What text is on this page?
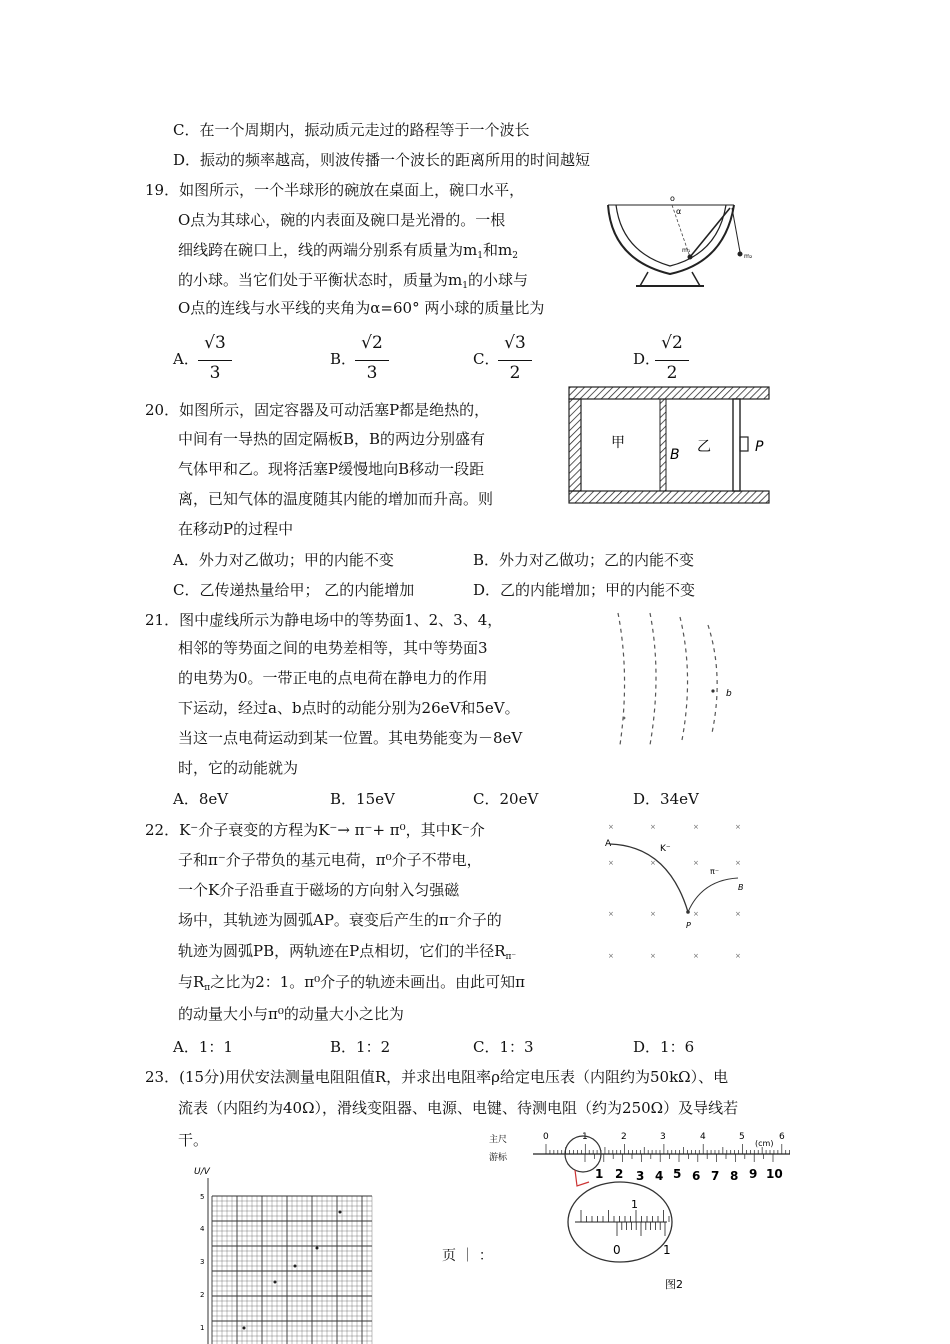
C．在一个周期内，振动质元走过的路程等于一个波长
D．振动的频率越高，则波传播一个波长的距离所用的时间越短
19．如图所示，一个半球形的碗放在桌面上，碗口水平，
O点为其球心，碗的内表面及碗口是光滑的。一根
细线跨在碗口上，线的两端分别系有质量为$m_1$和$m_2$
的小球。当它们处于平衡状态时，质量为$m_1$的小球与
O点的连线与水平线的夹角为α=60° 两小球的质量比为
A．
√3
3
B．
√2
3
C．
√3
2
D．
√2
2
o
α
m₁
m₂
20．如图所示，固定容器及可动活塞P都是绝热的，
中间有一导热的固定隔板B，B的两边分别盛有
气体甲和乙。现将活塞P缓慢地向B移动一段距
离，已知气体的温度随其内能的增加而升高。则
在移动P的过程中
A．外力对乙做功；甲的内能不变	B．外力对乙做功；乙的内能不变
C．乙传递热量给甲； 乙的内能增加	D．乙的内能增加；甲的内能不变
甲
B 乙	P
21．图中虚线所示为静电场中的等势面1、2、3、4，
相邻的等势面之间的电势差相等，其中等势面3
的电势为0。一带正电的点电荷在静电力的作用
下运动，经过a、b点时的动能分别为26eV和5eV。
当这一点电荷运动到某一位置。其电势能变为－8eV
时，它的动能就为
A．8eV	B．15eV	C．20eV	D．34eV
b
22．K⁻介子衰变的方程为K⁻→ π⁻+ π⁰，其中K⁻介
子和π⁻介子带负的基元电荷，π⁰介子不带电，
一个K介子沿垂直于磁场的方向射入匀强磁
场中，其轨迹为圆弧AP。衰变后产生的π⁻介子的
轨迹为圆弧PB，两轨迹在P点相切，它们的半径$R_{\pi^-}$
与$R_\pi$之比为2：1。π⁰介子的轨迹未画出。由此可知π
的动量大小与π⁰的动量大小之比为
A．1：1	B．1：2	C．1：3	D．1：6
×	×	×	×
×	×	×	×
×	×	×	×
×	×	×	×
A	K⁻
π⁻
B
P
23．(15分)用伏安法测量电阻阻值R，并求出电阻率ρ给定电压表（内阻约为50kΩ）、电
流表（内阻约为40Ω），滑线变阻器、电源、电键、待测电阻（约为250Ω）及导线若
干。
U/V
5
4
3
2
1
主尺
游标
(cm)
0	1	2	3	4	5	6
1 2 3 4 5 6 7 8 9 10
1
0	1
图2
页 ｜ ：
